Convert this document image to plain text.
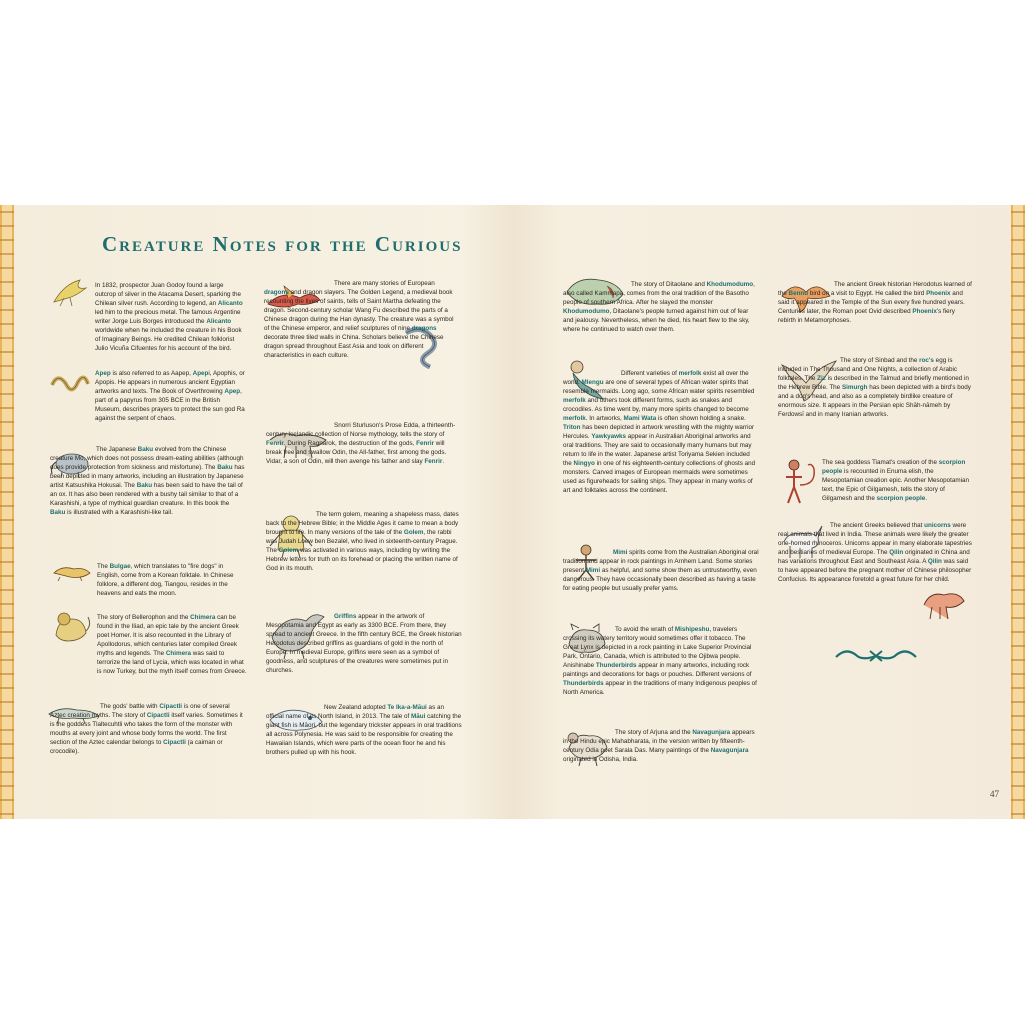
Creature Notes for the Curious

In 1832, prospector Juan Godoy found a large outcrop of silver in the Atacama Desert, sparking the Chilean silver rush. According to legend, an Alicanto led him to the precious metal. The famous Argentine writer Jorge Luis Borges introduced the Alicanto worldwide when he included the creature in his Book of Imaginary Beings. He credited Chilean folklorist Julio Vicuña Cifuentes for his account of the bird.

Apep is also referred to as Aapep, Apepi, Apophis, or Apopis. He appears in numerous ancient Egyptian artworks and texts. The Book of Overthrowing Apep, part of a papyrus from 305 BCE in the British Museum, describes prayers to protect the sun god Ra against the serpent of chaos.

The Japanese Baku evolved from the Chinese creature Mo, which does not possess dream-eating abilities (although does provide protection from sickness and misfortune). The Baku has been depicted in many artworks, including an illustration by Japanese artist Katsushika Hokusai. The Baku has been said to have the tail of an ox. It has also been rendered with a bushy tail similar to that of a Karashishi, a type of mythical guardian creature. In this book the Baku is illustrated with a Karashishi-like tail.

The Bulgae, which translates to "fire dogs" in English, come from a Korean folktale. In Chinese folklore, a different dog, Tiangou, resides in the heavens and eats the moon.

The story of Bellerophon and the Chimera can be found in the Iliad, an epic tale by the ancient Greek poet Homer. It is also recounted in the Library of Apollodorus, which centuries later compiled Greek myths and legends. The Chimera was said to terrorize the land of Lycia, which was located in what is now Turkey, but the myth itself comes from Greece.

The gods' battle with Cipactli is one of several Aztec creation myths. The story of Cipactli itself varies. Sometimes it is the goddess Tlaltecuhtli who takes the form of the monster with mouths at every joint and whose body forms the world. The first section of the Aztec calendar belongs to Cipactli (a caiman or crocodile).

There are many stories of European dragons and dragon slayers. The Golden Legend, a medieval book recounting the lives of saints, tells of Saint Martha defeating the dragon. Second-century scholar Wang Fu described the parts of a Chinese dragon during the Han dynasty. The creature was a symbol of the Chinese emperor, and relief sculptures of nine dragons decorate three tiled walls in China. Scholars believe the Chinese dragon spread throughout East Asia and took on different characteristics in each culture.

Snorri Sturluson's Prose Edda, a thirteenth-century Icelandic collection of Norse mythology, tells the story of Fenrir. During Ragnarok, the destruction of the gods, Fenrir will break free and swallow Odin, the All-father, first among the gods. Vidar, a son of Odin, will then avenge his father and slay Fenrir.

The term golem, meaning a shapeless mass, dates back to the Hebrew Bible; in the Middle Ages it came to mean a body brought to life. In many versions of the tale of the Golem, the rabbi was Judah Loew ben Bezalel, who lived in sixteenth-century Prague. The Golem was activated in various ways, including by writing the Hebrew letters for truth on its forehead or placing the written name of God in its mouth.

Griffins appear in the artwork of Mesopotamia and Egypt as early as 3300 BCE. From there, they spread to ancient Greece. In the fifth century BCE, the Greek historian Herodotus described griffins as guardians of gold in the north of Europe. In medieval Europe, griffins were seen as a symbol of goodness, and sculptures of the creatures were sometimes put in churches.

New Zealand adopted Te Ika-a-Māui as an official name of its North Island, in 2013. The tale of Māui catching the giant fish is Māori, but the legendary trickster appears in oral traditions all across Polynesia. He was said to be responsible for creating the Hawaiian Islands, which were parts of the ocean floor he and his brothers pulled up with his hook.

The story of Ditaolane and Khodumodumo, also called Kammapa, comes from the oral tradition of the Basotho people of southern Africa. After he slayed the monster Khodumodumo, Ditaolane's people turned against him out of fear and jealousy. Nevertheless, when he died, his heart flew to the sky, where he continued to watch over them.

Different varieties of merfolk exist all over the world. Mlengu are one of several types of African water spirits that resemble mermaids. Long ago, some African water spirits resembled merfolk and others took different forms, such as snakes and crocodiles. As time went by, many more spirits changed to become merfolk. In artworks, Mami Wata is often shown holding a snake. Triton has been depicted in artwork wrestling with the mighty warrior Hercules. Yawkyawks appear in Australian Aboriginal artworks and oral traditions. They are said to occasionally marry humans but may return to life in the water. Japanese artist Toriyama Sekien included the Ningyo in one of his eighteenth-century collections of ghosts and monsters. Carved images of European mermaids were sometimes used as figureheads for sailing ships. They appear in many works of art and folktales across the continent.

Mimi spirits come from the Australian Aboriginal oral tradition and appear in rock paintings in Arnhem Land. Some stories present Mimi as helpful, and some show them as untrustworthy, even dangerous. They have occasionally been described as having a taste for eating people but usually prefer yams.

To avoid the wrath of Mishipeshu, travelers crossing its watery territory would sometimes offer it tobacco. The Great Lynx is depicted in a rock painting in Lake Superior Provincial Park, Ontario, Canada, which is attributed to the Ojibwa people. Anishinabe Thunderbirds appear in many artworks, including rock paintings and decorations for bags or pouches. Different versions of Thunderbirds appear in the traditions of many Indigenous peoples of North America.

The story of Arjuna and the Navagunjara appears in the Hindu epic Mahabharata, in the version written by fifteenth-century Odia poet Sarala Das. Many paintings of the Navagunjara originated in Odisha, India.

The ancient Greek historian Herodotus learned of the Bennu bird on a visit to Egypt. He called the bird Phoenix and said it appeared in the Temple of the Sun every five hundred years. Centuries later, the Roman poet Ovid described Phoenix's fiery rebirth in Metamorphoses.

The story of Sinbad and the roc's egg is included in The Thousand and One Nights, a collection of Arabic folktales. The Ziz is described in the Talmud and briefly mentioned in the Hebrew Bible. The Simurgh has been depicted with a bird's body and a dog's head, and also as a completely birdlike creature of enormous size. It appears in the Persian epic Shāh-nāmeh by Ferdowsī and in many Iranian artworks.

The sea goddess Tiamat's creation of the scorpion people is recounted in Enuma elish, the Mesopotamian creation epic. Another Mesopotamian text, the Epic of Gilgamesh, tells the story of Gilgamesh and the scorpion people.

The ancient Greeks believed that unicorns were real animals that lived in India. These animals were likely the greater one-horned rhinoceros. Unicorns appear in many elaborate tapestries and bestiaries of medieval Europe. The Qilin originated in China and has variations throughout East and Southeast Asia. A Qilin was said to have appeared before the pregnant mother of Chinese philosopher Confucius. Its appearance foretold a great future for her child.

47
